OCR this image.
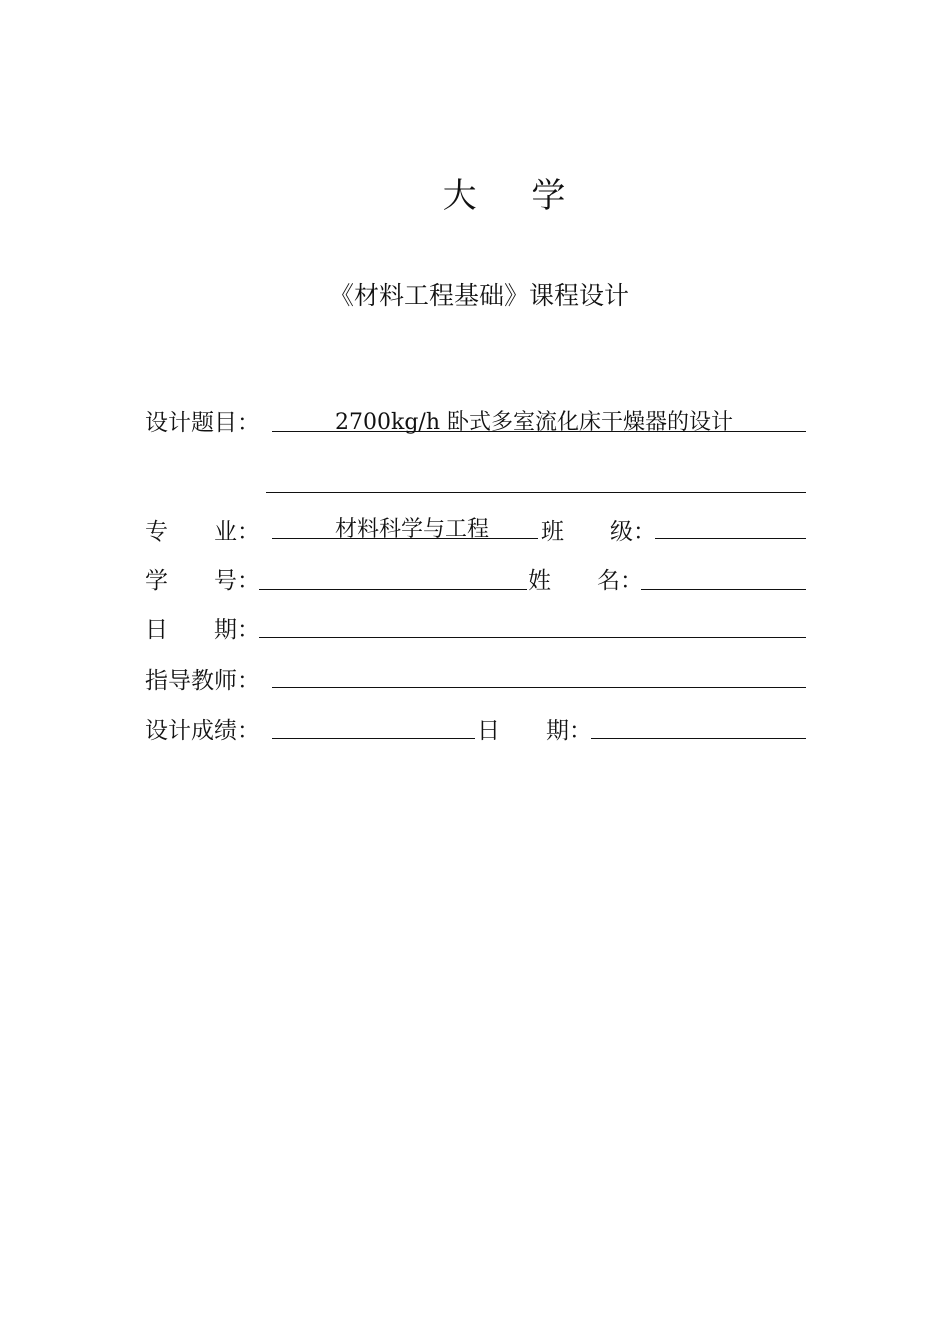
大 学
《材料工程基础》课程设计
设计题目：	2700kg/h 卧式多室流化床干燥器的设计
专　　业：	材料科学与工程 班　　级：
学　　号：	姓　　名：
日　　期：
指导教师：
设计成绩：	日　　期：
